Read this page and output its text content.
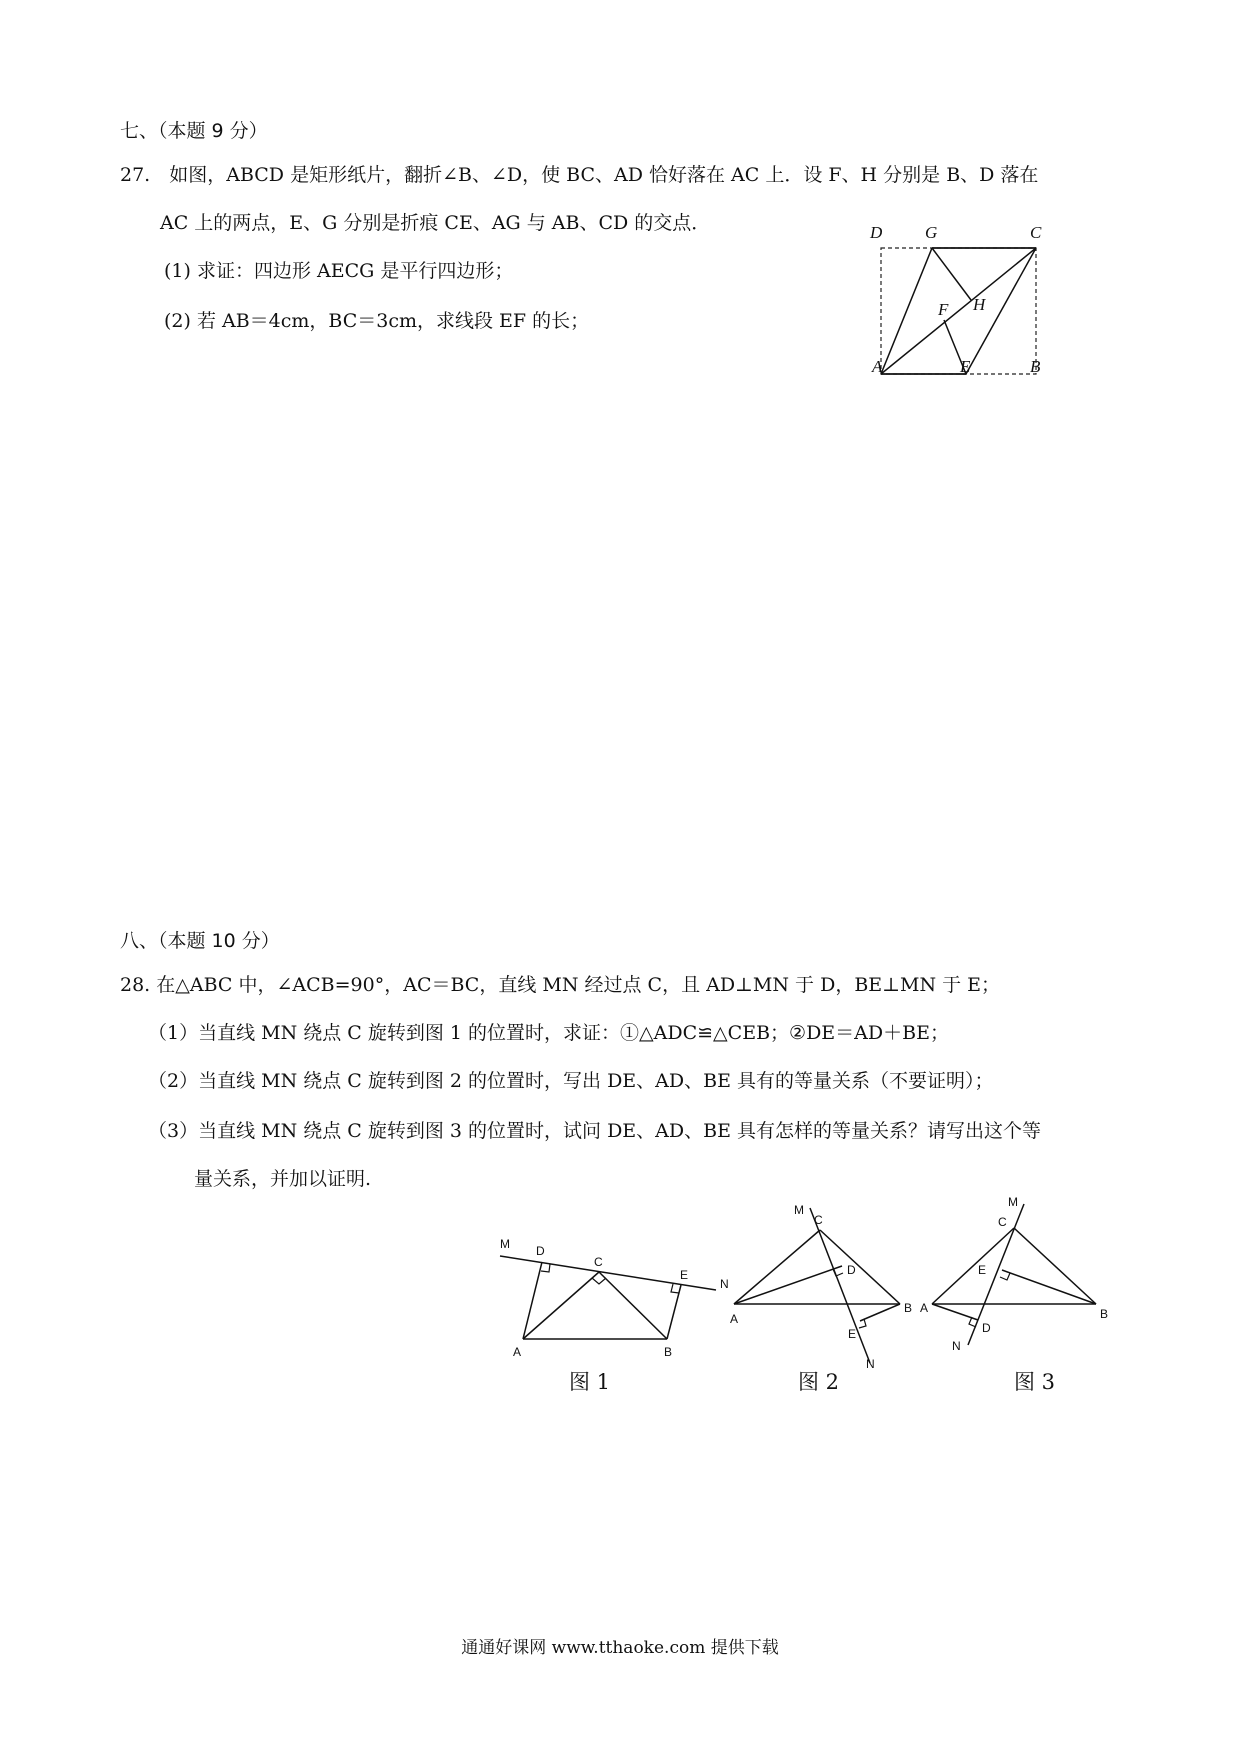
七、（本题 9 分）
27.　如图，ABCD 是矩形纸片，翻折∠B、∠D，使 BC、AD 恰好落在 AC 上．设 F、H 分别是 B、D 落在
AC 上的两点，E、G 分别是折痕 CE、AG 与 AB、CD 的交点．
(1) 求证：四边形 AECG 是平行四边形；
(2) 若 AB＝4cm，BC＝3cm，求线段 EF 的长；
D	G	C
F H
A	E	B
八、（本题 10 分）
28. 在△ABC 中，∠ACB=90°，AC＝BC，直线 MN 经过点 C，且 AD⊥MN 于 D，BE⊥MN 于 E；
（1）当直线 MN 绕点 C 旋转到图 1 的位置时，求证：①△ADC≌△CEB；②DE＝AD＋BE；
（2）当直线 MN 绕点 C 旋转到图 2 的位置时，写出 DE、AD、BE 具有的等量关系（不要证明）；
（3）当直线 MN 绕点 C 旋转到图 3 的位置时，试问 DE、AD、BE 具有怎样的等量关系？请写出这个等
量关系，并加以证明.
M D
C
E
N
A	B
M
C
D
A
B
E
N
M
C
E
A	B
D
N
图 1	图 2	图 3
通通好课网 www.tthaoke.com 提供下载
